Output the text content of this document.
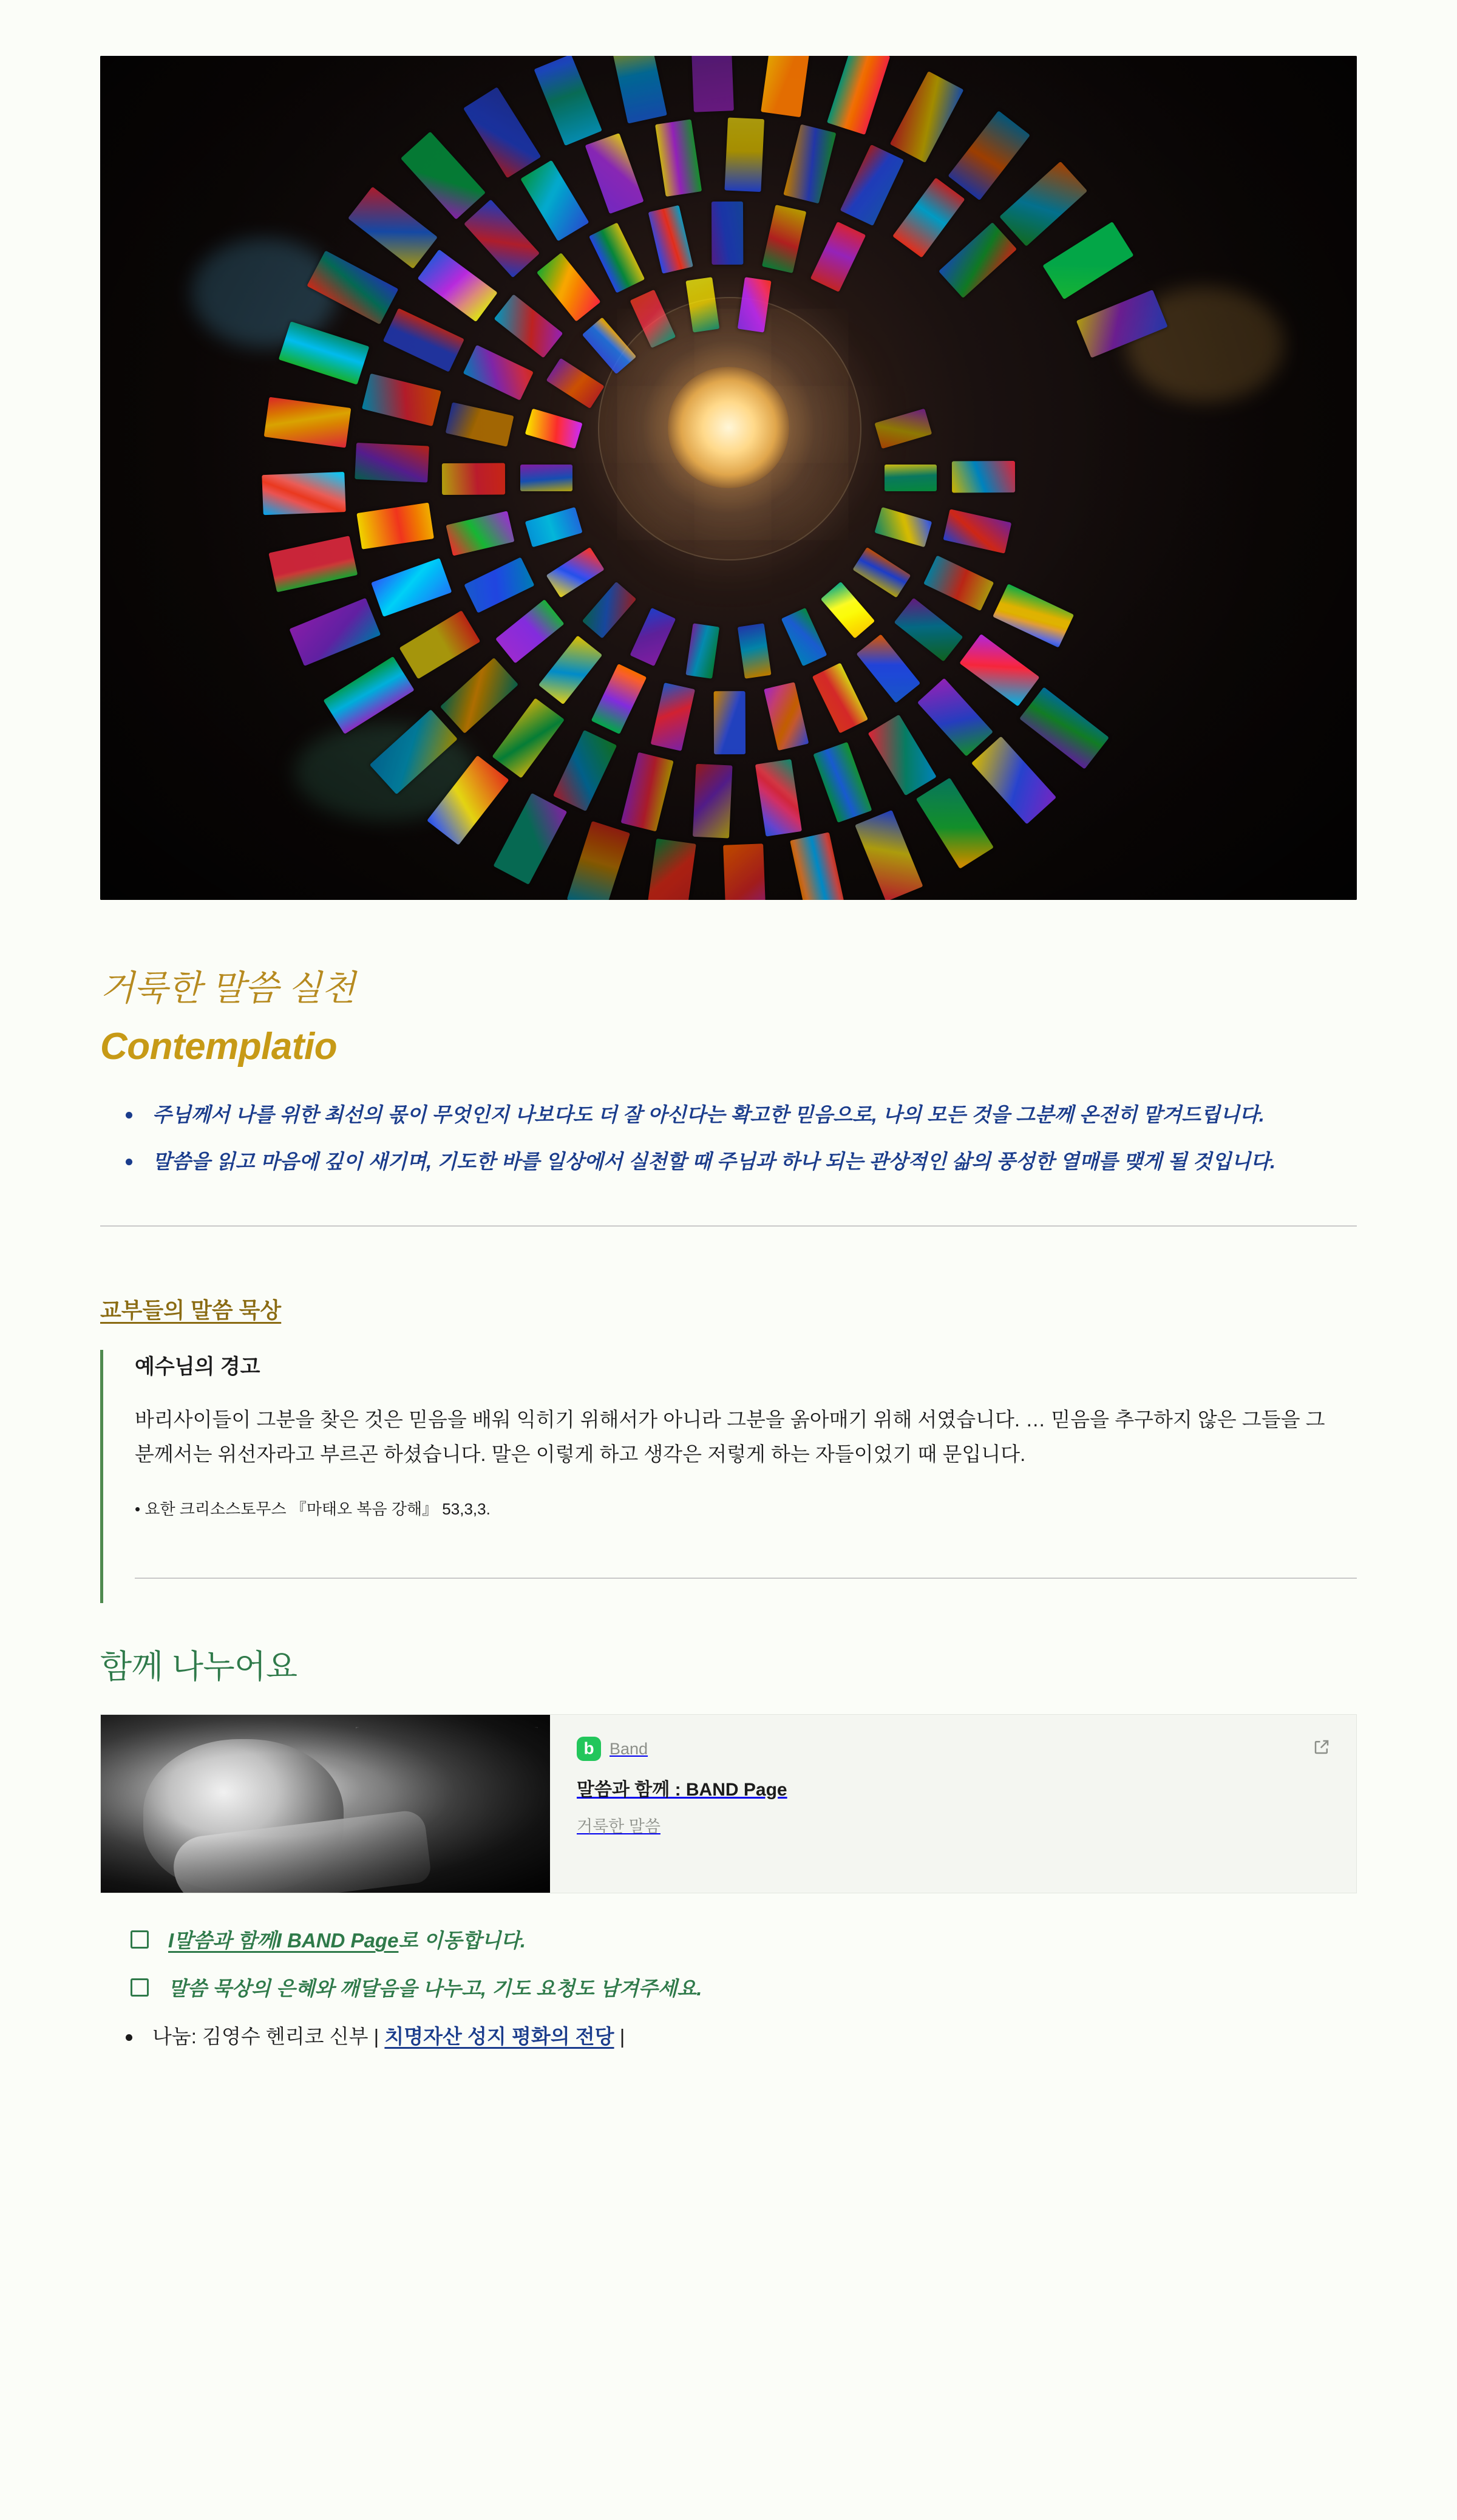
거룩한 말씀 실천
Contemplatio
주님께서 나를 위한 최선의 몫이 무엇인지 나보다도 더 잘 아신다는 확고한 믿음으로, 나의 모든 것을 그분께 온전히 맡겨드립니다.
말씀을 읽고 마음에 깊이 새기며, 기도한 바를 일상에서 실천할 때 주님과 하나 되는 관상적인 삶의 풍성한 열매를 맺게 될 것입니다.
교부들의 말씀 묵상

예수님의 경고

바리사이들이 그분을 찾은 것은 믿음을 배워 익히기 위해서가 아니라 그분을 옭아매기 위해 서였습니다. … 믿음을 추구하지 않은 그들을 그 분께서는 위선자라고 부르곤 하셨습니다. 말은 이렇게 하고 생각은 저렇게 하는 자들이었기 때 문입니다.

• 요한 크리소스토무스 『마태오 복음 강해』 53,3,3.

함께 나누어요
b
Band
말씀과 함께 : BAND Page
거룩한 말씀
I말씀과 함께I BAND Page로 이동합니다.
말씀 묵상의 은혜와 깨달음을 나누고, 기도 요청도 남겨주세요.
나눔: 김영수 헨리코 신부 | 치명자산 성지 평화의 전당 |
